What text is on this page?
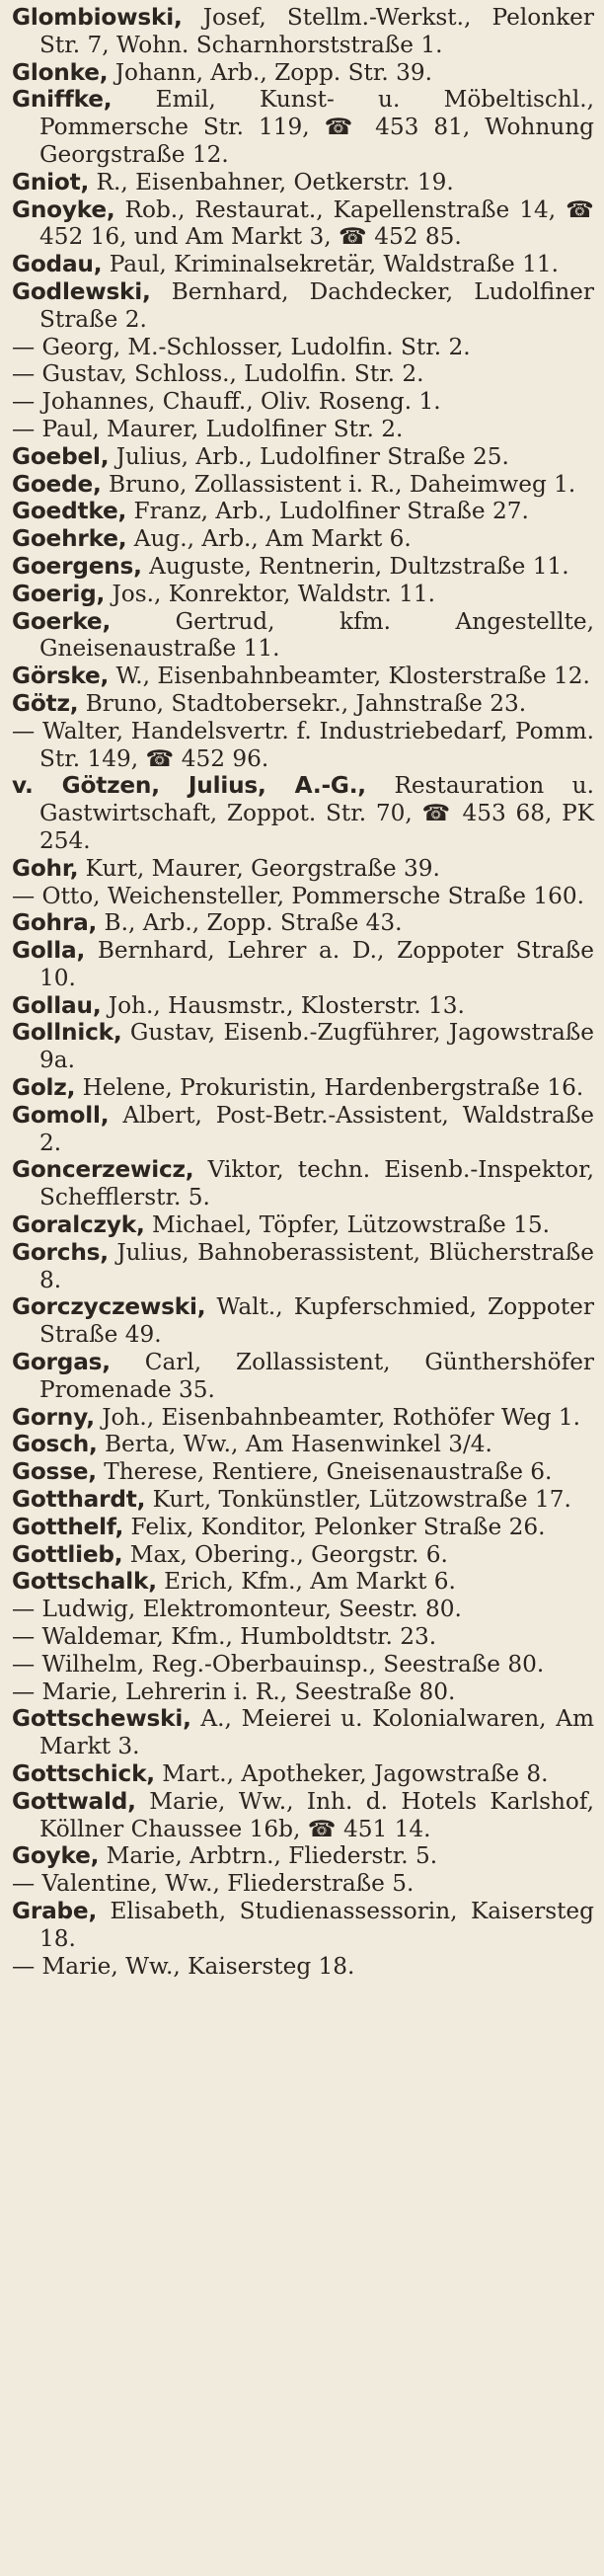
Glombiowski, Josef, Stellm.-Werkst., Pelonker Str. 7, Wohn. Scharnhorststraße 1.

Glonke, Johann, Arb., Zopp. Str. 39.

Gniffke, Emil, Kunst- u. Möbeltischl., Pommersche Str. 119, ☎ 453 81, Wohnung Georgstraße 12.

Gniot, R., Eisenbahner, Oetkerstr. 19.

Gnoyke, Rob., Restaurat., Kapellenstraße 14, ☎ 452 16, und Am Markt 3, ☎ 452 85.

Godau, Paul, Kriminalsekretär, Waldstraße 11.

Godlewski, Bernhard, Dachdecker, Ludolfiner Straße 2.

— Georg, M.-Schlosser, Ludolfin. Str. 2.

— Gustav, Schloss., Ludolfin. Str. 2.

— Johannes, Chauff., Oliv. Roseng. 1.

— Paul, Maurer, Ludolfiner Str. 2.

Goebel, Julius, Arb., Ludolfiner Straße 25.

Goede, Bruno, Zollassistent i. R., Daheimweg 1.

Goedtke, Franz, Arb., Ludolfiner Straße 27.

Goehrke, Aug., Arb., Am Markt 6.

Goergens, Auguste, Rentnerin, Dultzstraße 11.

Goerig, Jos., Konrektor, Waldstr. 11.

Goerke, Gertrud, kfm. Angestellte, Gneisenaustraße 11.

Görske, W., Eisenbahnbeamter, Klosterstraße 12.

Götz, Bruno, Stadtobersekr., Jahnstraße 23.

— Walter, Handelsvertr. f. Industriebedarf, Pomm. Str. 149, ☎ 452 96.

v. Götzen, Julius, A.-G., Restauration u. Gastwirtschaft, Zoppot. Str. 70, ☎ 453 68, PK 254.

Gohr, Kurt, Maurer, Georgstraße 39.

— Otto, Weichensteller, Pommersche Straße 160.

Gohra, B., Arb., Zopp. Straße 43.

Golla, Bernhard, Lehrer a. D., Zoppoter Straße 10.

Gollau, Joh., Hausmstr., Klosterstr. 13.

Gollnick, Gustav, Eisenb.-Zugführer, Jagowstraße 9a.

Golz, Helene, Prokuristin, Hardenbergstraße 16.

Gomoll, Albert, Post-Betr.-Assistent, Waldstraße 2.

Goncerzewicz, Viktor, techn. Eisenb.-Inspektor, Schefflerstr. 5.

Goralczyk, Michael, Töpfer, Lützowstraße 15.

Gorchs, Julius, Bahnoberassistent, Blücherstraße 8.

Gorczyczewski, Walt., Kupferschmied, Zoppoter Straße 49.

Gorgas, Carl, Zollassistent, Günthershöfer Promenade 35.

Gorny, Joh., Eisenbahnbeamter, Rothöfer Weg 1.

Gosch, Berta, Ww., Am Hasenwinkel 3/4.

Gosse, Therese, Rentiere, Gneisenaustraße 6.

Gotthardt, Kurt, Tonkünstler, Lützowstraße 17.

Gotthelf, Felix, Konditor, Pelonker Straße 26.

Gottlieb, Max, Obering., Georgstr. 6.

Gottschalk, Erich, Kfm., Am Markt 6.

— Ludwig, Elektromonteur, Seestr. 80.

— Waldemar, Kfm., Humboldtstr. 23.

— Wilhelm, Reg.-Oberbauinsp., Seestraße 80.

— Marie, Lehrerin i. R., Seestraße 80.

Gottschewski, A., Meierei u. Kolonialwaren, Am Markt 3.

Gottschick, Mart., Apotheker, Jagowstraße 8.

Gottwald, Marie, Ww., Inh. d. Hotels Karlshof, Köllner Chaussee 16b, ☎ 451 14.

Goyke, Marie, Arbtrn., Fliederstr. 5.

— Valentine, Ww., Fliederstraße 5.

Grabe, Elisabeth, Studienassessorin, Kaisersteg 18.

— Marie, Ww., Kaisersteg 18.
